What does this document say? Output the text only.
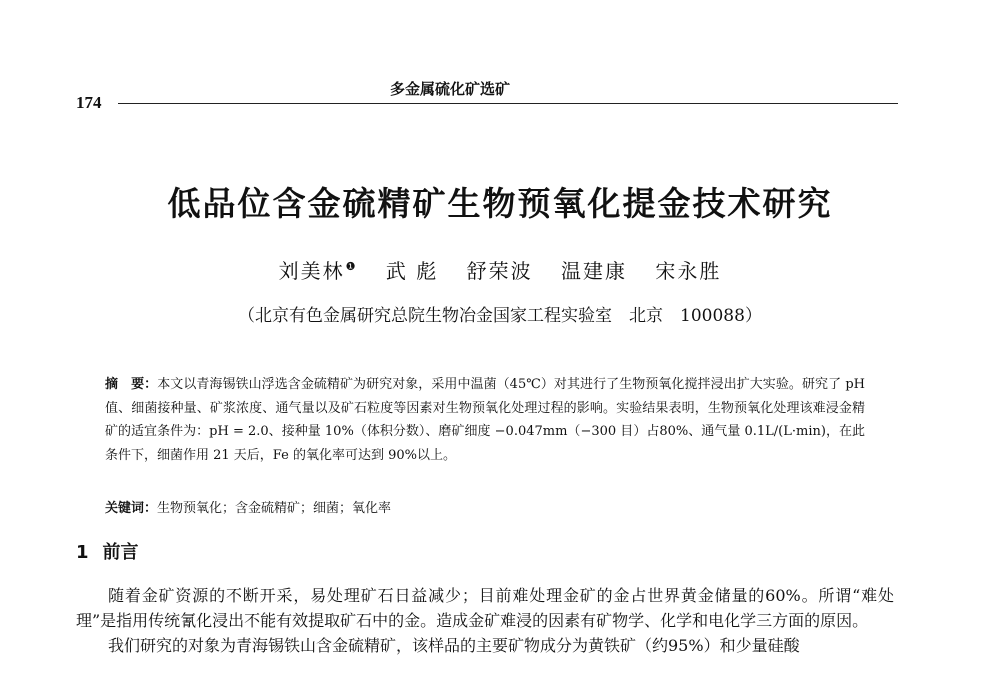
多金属硫化矿选矿
174
低品位含金硫精矿生物预氧化提金技术研究
刘美林$^❶$ 武 彪 舒荣波 温建康 宋永胜
（北京有色金属研究总院生物冶金国家工程实验室　北京　100088）
摘　要：本文以青海锡铁山浮选含金硫精矿为研究对象，采用中温菌（45℃）对其进行了生物预氧化搅拌浸出扩大实验。研究了 pH 值、细菌接种量、矿浆浓度、通气量以及矿石粒度等因素对生物预氧化处理过程的影响。实验结果表明，生物预氧化处理该难浸金精矿的适宜条件为：pH = 2.0、接种量 10%（体积分数）、磨矿细度 −0.047mm（−300 目）占80%、通气量 0.1L/(L·min)，在此条件下，细菌作用 21 天后，Fe 的氧化率可达到 90%以上。
关键词：生物预氧化；含金硫精矿；细菌；氧化率
1 前言

随着金矿资源的不断开采，易处理矿石日益减少；目前难处理金矿的金占世界黄金储量的60%。所谓“难处理”是指用传统氰化浸出不能有效提取矿石中的金。造成金矿难浸的因素有矿物学、化学和电化学三方面的原因。

我们研究的对象为青海锡铁山含金硫精矿，该样品的主要矿物成分为黄铁矿（约95%）和少量硅酸
